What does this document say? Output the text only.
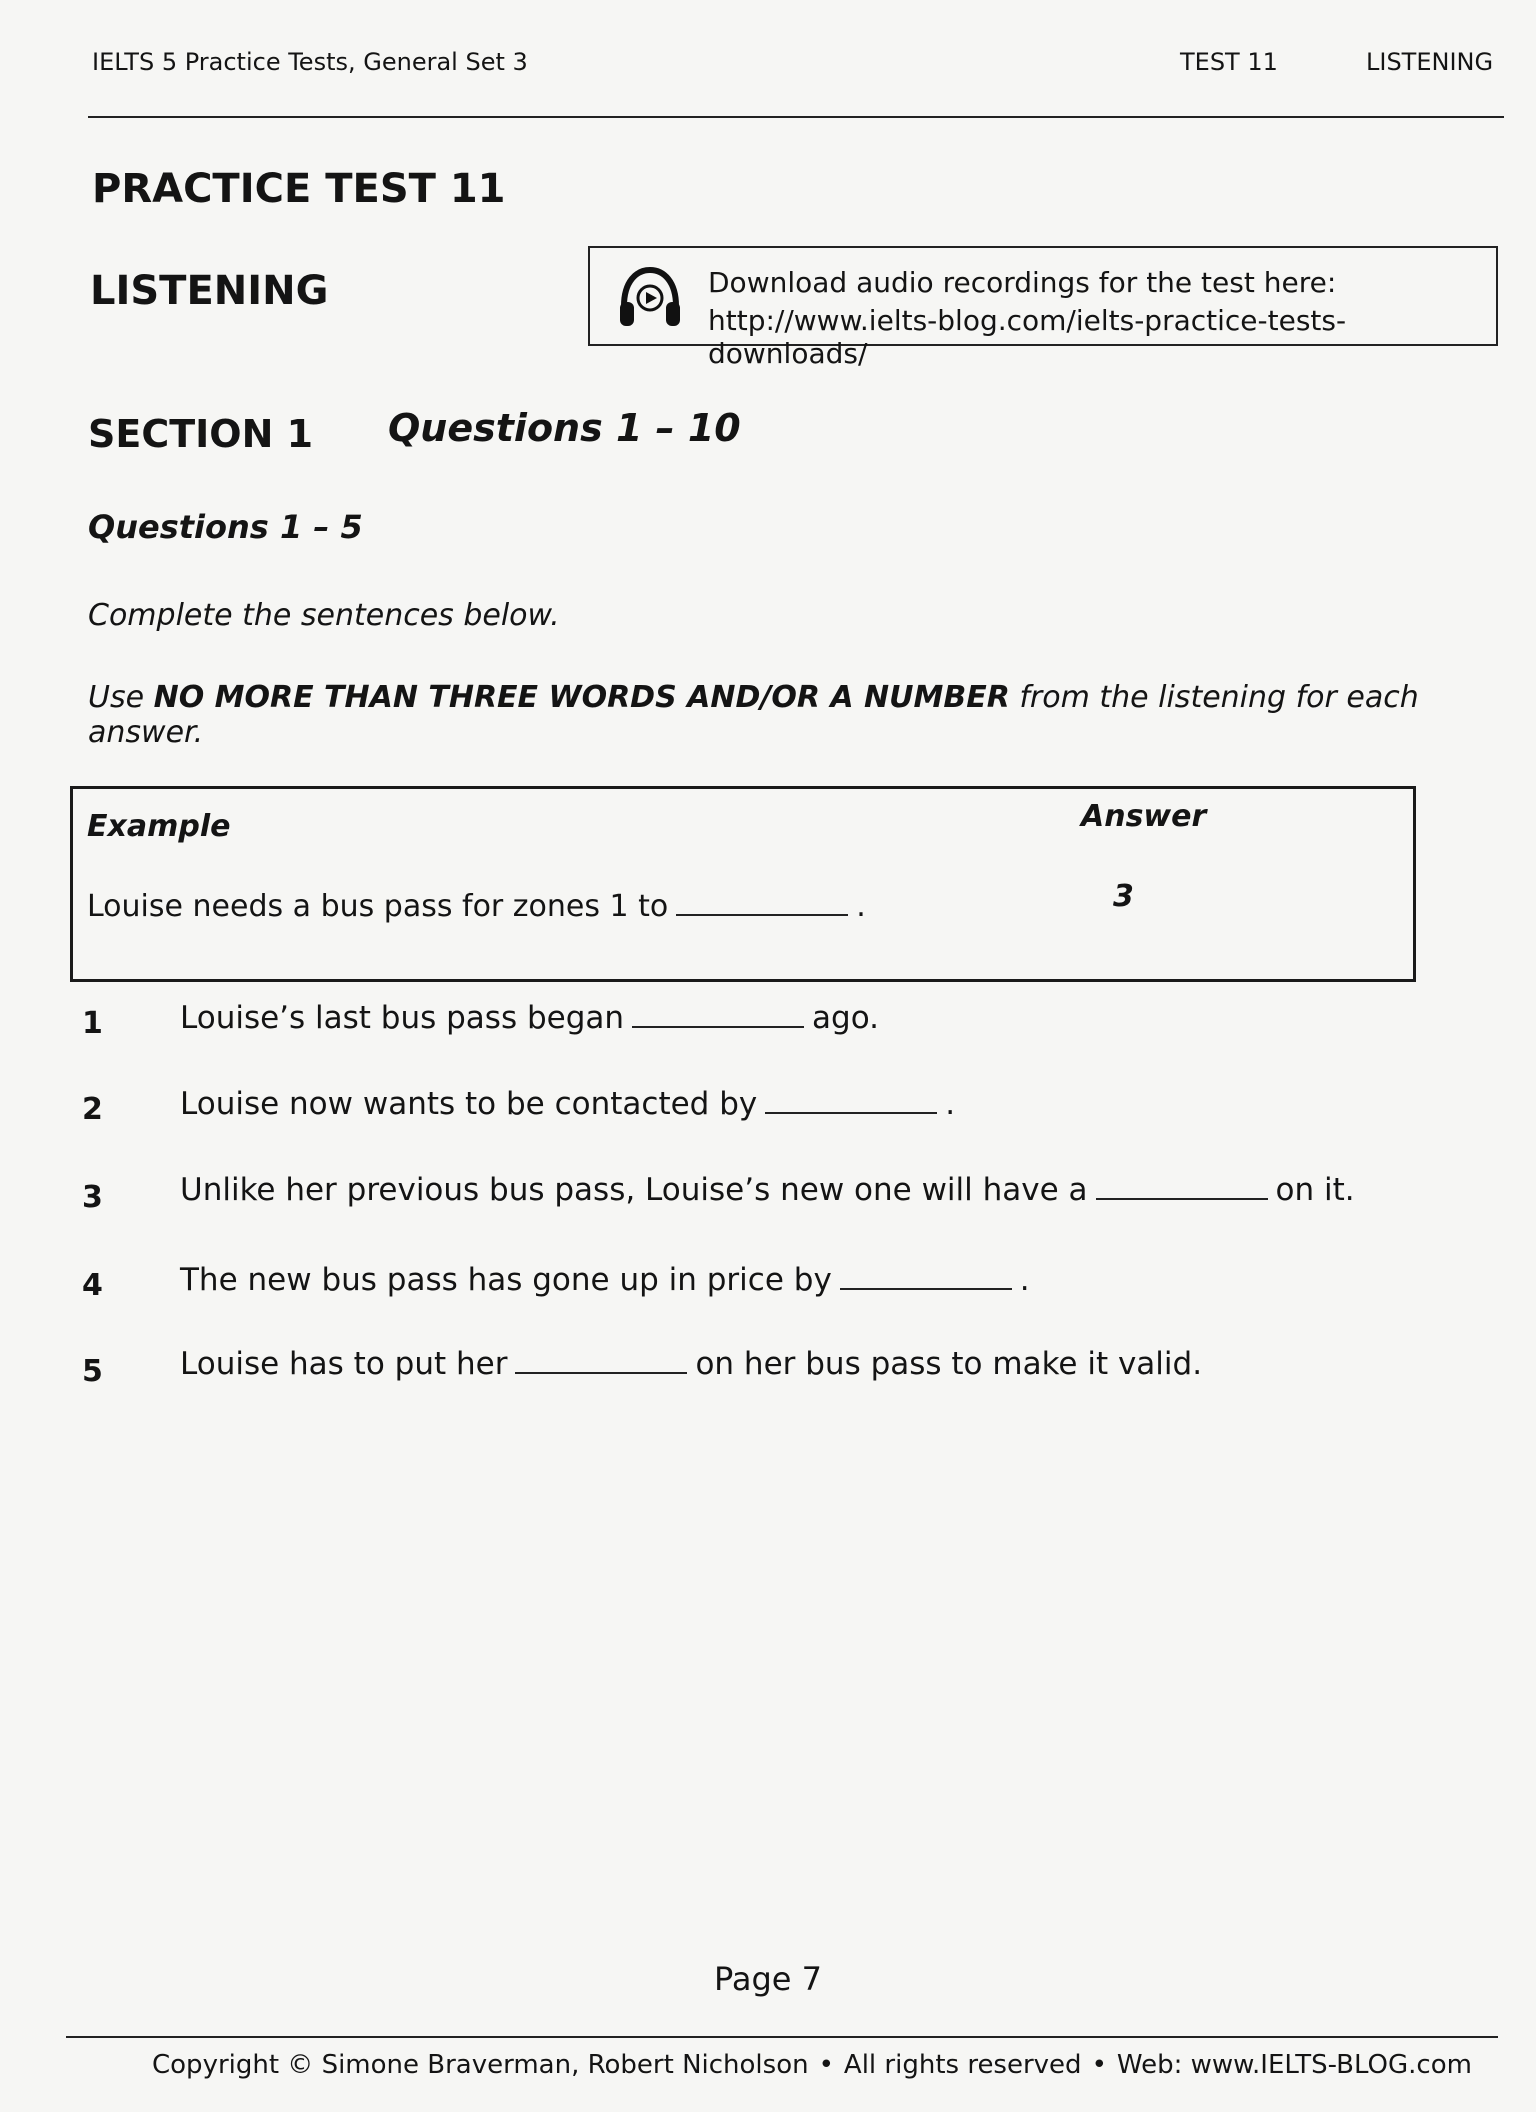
IELTS 5 Practice Tests, General Set 3	TEST 11	LISTENING
PRACTICE TEST 11
LISTENING	Download audio recordings for the test here:
http://www.ielts-blog.com/ielts-practice-tests-downloads/
SECTION 1 Questions 1 – 10
Questions 1 – 5
Complete the sentences below.
Use NO MORE THAN THREE WORDS AND/OR A NUMBER from the listening for each answer.
Example	Answer
Louise needs a bus pass for zones 1 to	.	3
1 Louise’s last bus pass began	ago.
2 Louise now wants to be contacted by	.
3 Unlike her previous bus pass, Louise’s new one will have a	on it.
4 The new bus pass has gone up in price by	.
5 Louise has to put her	on her bus pass to make it valid.
Page 7
Copyright © Simone Braverman, Robert Nicholson • All rights reserved • Web: www.IELTS-BLOG.com
